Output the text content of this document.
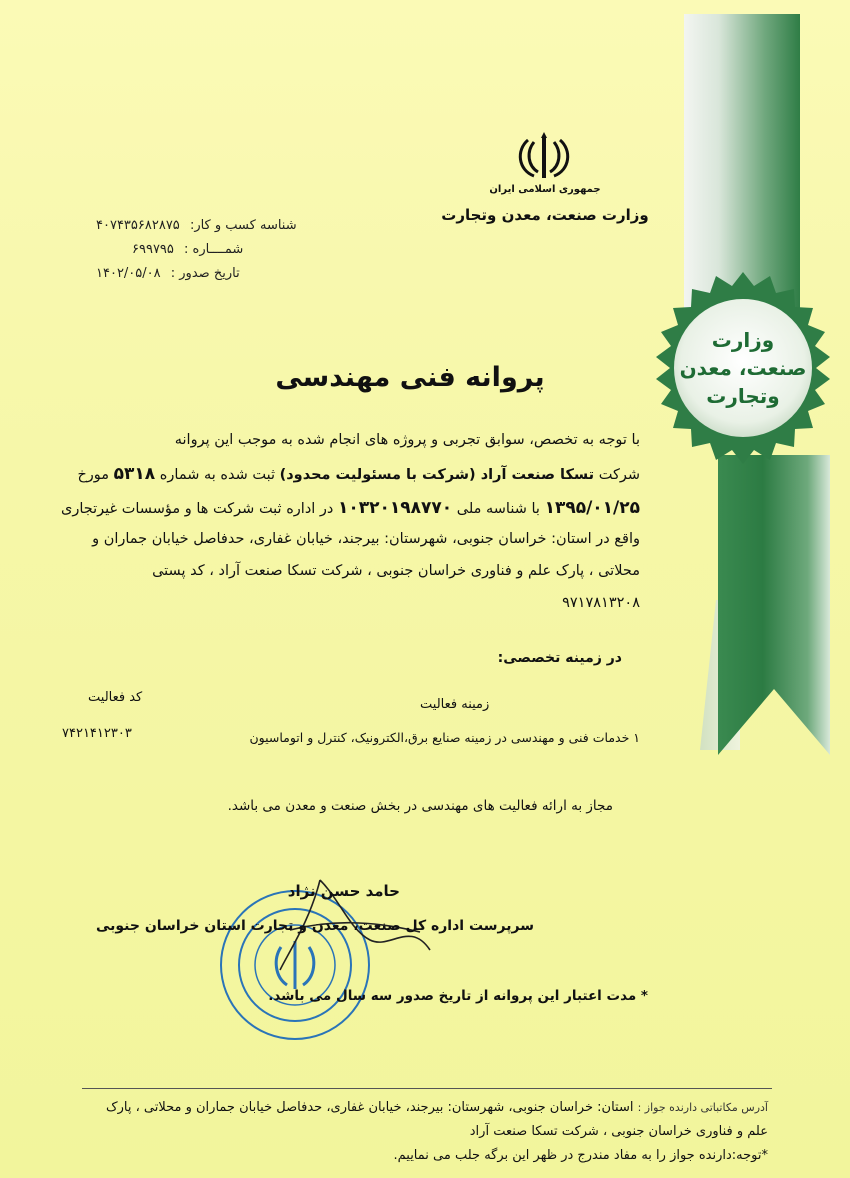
وزارت
صنعت، معدن
وتجارت
جمهوری اسلامی ایران
وزارت صنعت، معدن وتجارت
شناسه کسب و کار: ۴۰۷۴۳۵۶۸۲۸۷۵
شمــــاره : ۶۹۹۷۹۵
تاریخ صدور : ۱۴۰۲/۰۵/۰۸
پروانه فنی مهندسی
با توجه به تخصص، سوابق تجربی و پروژه های انجام شده به موجب این پروانه
شرکت تسکا صنعت آراد (شرکت با مسئولیت محدود) ثبت شده به شماره ۵۳۱۸ مورخ
۱۳۹۵/۰۱/۲۵ با شناسه ملی ۱۰۳۲۰۱۹۸۷۷۰ در اداره ثبت شرکت ها و مؤسسات غیرتجاری
واقع در استان: خراسان جنوبی، شهرستان: بیرجند، خیابان غفاری، حدفاصل خیابان جماران و
محلاتی ، پارک علم و فناوری خراسان جنوبی ، شرکت تسکا صنعت آراد ، کد پستی
۹۷۱۷۸۱۳۲۰۸
در زمینه تخصصی:
زمینه فعالیت
کد فعالیت
۱ خدمات فنی و مهندسی در زمینه صنایع برق،الکترونیک، کنترل و اتوماسیون
۷۴۲۱۴۱۲۳۰۳
مجاز به ارائه فعالیت های مهندسی در بخش صنعت و معدن می باشد.
حامد حسن نژاد
سرپرست اداره کل صنعت، معدن و تجارت استان خراسان جنوبی
* مدت اعتبار این پروانه از تاریخ صدور سه سال می باشد.
آدرس مکاتباتی دارنده جواز : استان: خراسان جنوبی، شهرستان: بیرجند، خیابان غفاری، حدفاصل خیابان جماران و محلاتی ، پارک
علم و فناوری خراسان جنوبی ، شرکت تسکا صنعت آراد
*توجه:دارنده جواز را به مفاد مندرج در ظهر این برگه جلب می نماییم.
